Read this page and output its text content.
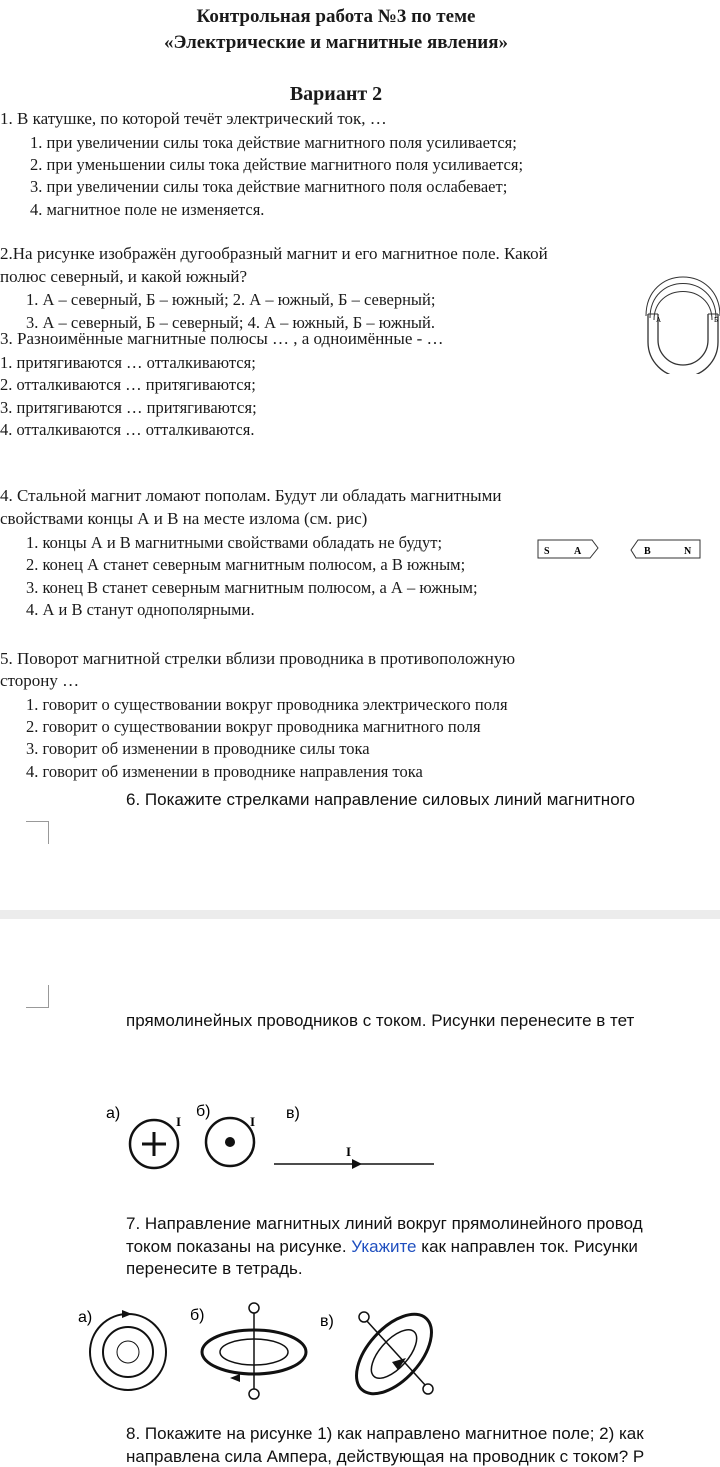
Контрольная работа №3 по теме
«Электрические и магнитные явления»
Вариант 2
1. В катушке, по которой течёт электрический ток, …
1. при увеличении силы тока действие магнитного поля усиливается;
2. при уменьшении силы тока действие магнитного поля усиливается;
3. при увеличении силы тока действие магнитного поля ослабевает;
4. магнитное поле не изменяется.
2.На рисунке изображён дугообразный магнит и его магнитное поле. Какой
полюс северный, и какой южный?
1. А – северный, Б – южный; 2. А – южный, Б – северный;
3. А – северный, Б – северный; 4. А – южный, Б – южный.	А	Б
3. Разноимённые магнитные полюсы … , а одноимённые - …
1. притягиваются … отталкиваются;
2. отталкиваются … притягиваются;
3. притягиваются … притягиваются;
4. отталкиваются … отталкиваются.
4. Стальной магнит ломают пополам. Будут ли обладать магнитными
свойствами концы А и В на месте излома (см. рис)
1. концы А и В магнитными свойствами обладать не будут;
2. конец А станет северным магнитным полюсом, а В южным;
3. конец В станет северным магнитным полюсом, а А – южным;
4. А и В станут однополярными.
S A	B	N
5. Поворот магнитной стрелки вблизи проводника в противоположную
сторону …
1. говорит о существовании вокруг проводника электрического поля
2. говорит о существовании вокруг проводника магнитного поля
3. говорит об изменении в проводнике силы тока
4. говорит об изменении в проводнике направления тока
6. Покажите стрелками направление силовых линий магнитного
прямолинейных проводников с током. Рисунки перенесите в тет
а)	I
б)
I в)
I
7. Направление магнитных линий вокруг прямолинейного провод
током показаны на рисунке. Укажите как направлен ток. Рисунки
перенесите в тетрадь.
а)	б)	в)
8. Покажите на рисунке 1) как направлено магнитное поле; 2) как
направлена сила Ампера, действующая на проводник с током? Р
